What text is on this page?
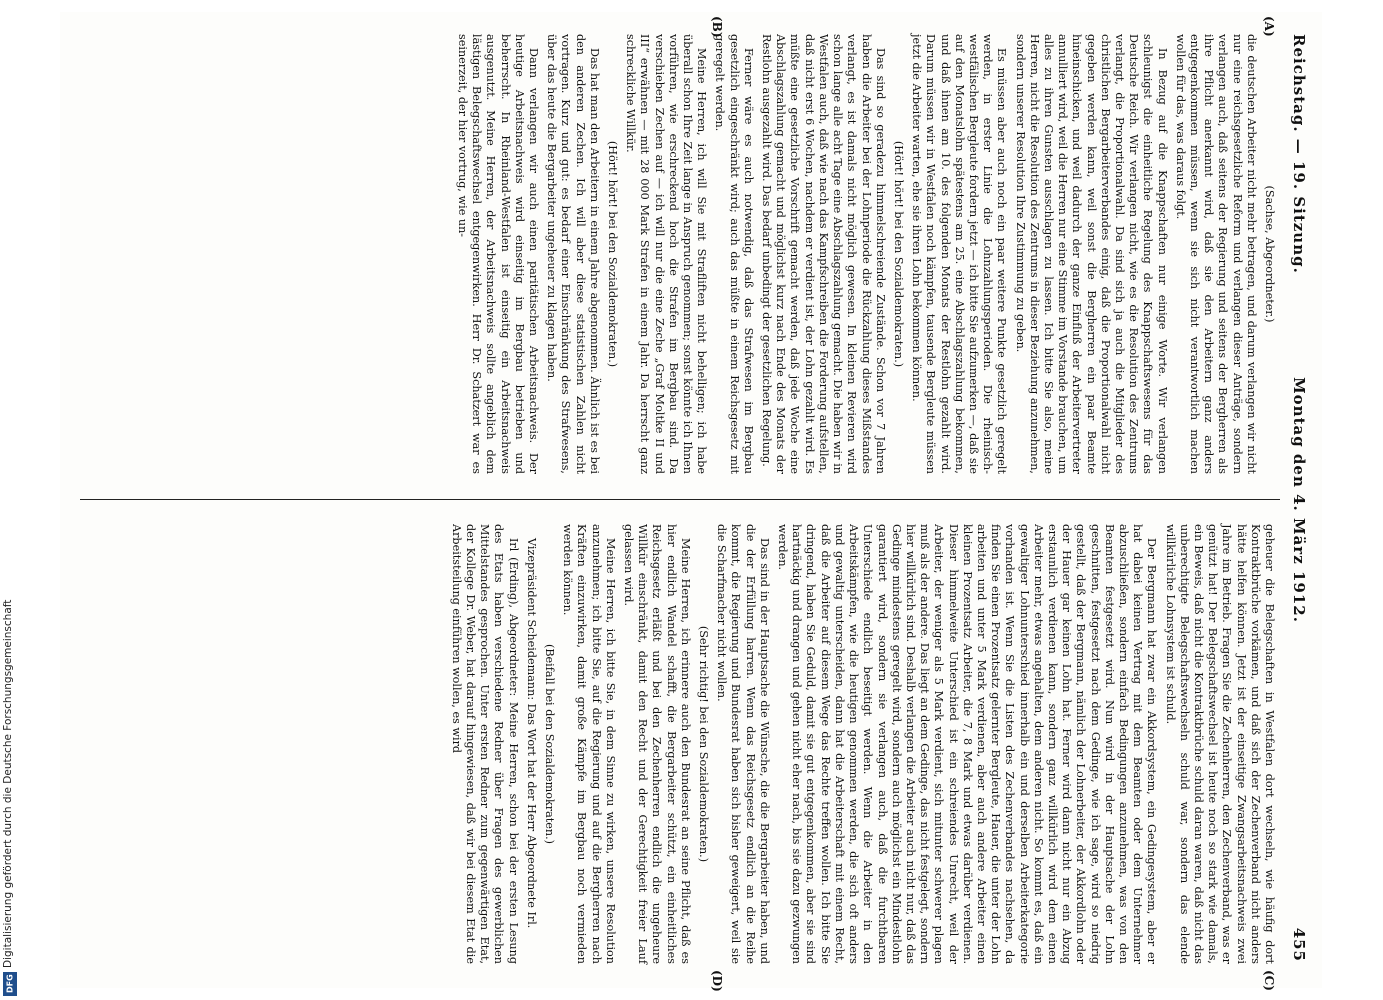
Reichstag. — 19. Sitzung.
Montag den 4. März 1912.
455
(A)
(B)
(C)
(D)

(Sachse, Abgeordneter.)

die deutschen Arbeiter nicht mehr betragen, und darum verlangen wir nicht nur eine reichsgesetzliche Reform und verlangen dieser Anträge, sondern verlangen auch, daß seitens der Regierung und seitens der Bergherren als ihre Pflicht anerkannt wird, daß sie den Arbeitern ganz anders entgegenkommen müssen, wenn sie sich nicht verantwortlich machen wollen für das, was daraus folgt.

In Bezug auf die Knappschaften nur einige Worte. Wir verlangen schleunigst die einheitliche Regelung des Knappschaftswesens für das Deutsche Reich. Wir verlangen nicht, wie es die Resolution des Zentrums verlangt, die Proportionalwahl. Da sind sich ja auch die Mitglieder des christlichen Bergarbeiterverbandes einig, daß die Proportionalwahl nicht gegeben werden kann, weil sonst die Bergherren ein paar Beamte hineinschicken, und weil dadurch der ganze Einfluß der Arbeitervertreter annulliert wird, weil die Herren nur eine Stimme im Vorstande brauchen, um alles zu ihren Gunsten ausschlagen zu lassen. Ich bitte Sie also, meine Herren, nicht die Resolution des Zentrums in dieser Beziehung anzunehmen, sondern unserer Resolution Ihre Zustimmung zu geben.

Es müssen aber auch noch ein paar weitere Punkte gesetzlich geregelt werden, in erster Linie die Lohnzahlungsperioden. Die rheinisch-westfälischen Bergleute fordern jetzt — ich bitte Sie aufzumerken —, daß sie auf den Monatslohn spätestens am 25. eine Abschlagszahlung bekommen, und daß ihnen am 10. des folgenden Monats der Restlohn gezahlt wird. Darum müssen wir in Westfalen noch kämpfen, tausende Bergleute müssen jetzt die Arbeiter warten, ehe sie ihren Lohn bekommen können.

(Hört! hört! bei den Sozialdemokraten.)

Das sind so geradezu himmelschreiende Zustände. Schon vor 7 Jahren haben die Arbeiter bei der Lohnperiode die Rückzahlung dieses Mißstandes verlangt, es ist damals nicht möglich gewesen. In kleinen Revieren wird schon lange alle acht Tage eine Abschlagszahlung gemacht. Die haben wir in Westfalen auch, daß wie nach das Kampfschreiben die Forderung aufstellen, daß nicht erst 6 Wochen, nachdem er verdient ist, der Lohn gezahlt wird. Es müßte eine gesetzliche Vorschrift gemacht werden, daß jede Woche eine Abschlagszahlung gemacht und möglichst kurz nach Ende des Monats der Restlohn ausgezahlt wird. Das bedarf unbedingt der gesetzlichen Regelung.

Ferner wäre es auch notwendig, daß das Strafwesen im Bergbau gesetzlich eingeschränkt wird; auch das müßte in einem Reichsgesetz mit geregelt werden.

Meine Herren, ich will Sie mit Strafliften nicht behelligen; ich habe überall schon Ihre Zeit lange in Anspruch genommen; sonst könnte ich Ihnen vorführen, wie erschreckend hoch die Strafen im Bergbau sind. Da verschieben Zechen auf — ich will nur die eine Zeche „Graf Moltke II und III“ erwähnen — mit 28 000 Mark Strafen in einem Jahr. Da herrscht ganz schreckliche Willkür.

(Hört! hört! bei den Sozialdemokraten.)

Das hat man den Arbeitern in einem Jahre abgenommen. Ähnlich ist es bei den anderen Zechen. Ich will aber diese statistischen Zahlen nicht vortragen. Kurz und gut: es bedarf einer Einschränkung des Strafwesens, über das heute die Bergarbeiter ungeheuer zu klagen haben.

Dann verlangen wir auch einen paritätischen Arbeitsnachweis. Der heutige Arbeitsnachweis wird einseitig im Bergbau betrieben und beherrscht. In Rheinland-Westfalen ist einseitig ein Arbeitsnachweis ausgenutzt. Meine Herren, der Arbeitsnachweis sollte angeblich dem lästigen Belegschaftswechsel entgegenwirken. Herr Dr. Schatzert war es seinerzeit, der hier vortrug, wie un-

geheuer die Belegschaften in Westfalen dort wechseln, wie häufig dort Kontraktbrüche vorkämen, und daß sich der Zechenverband nicht anders hätte helfen können. Jetzt ist der einseitige Zwangsarbeitsnachweis zwei Jahre im Betrieb. Fragen Sie die Zechenherren, den Zechenverband, was er genützt hat! Der Belegschaftswechsel ist heute noch so stark wie damals, ein Beweis, daß nicht die Kontraktbrüche schuld daran waren, daß nicht das unberechtigte Belegschaftswechseln schuld war, sondern das elende willkürliche Lohnsystem ist schuld.

Der Bergmann hat zwar ein Akkordsystem, ein Gedingesystem, aber er hat dabei keinen Vertrag mit dem Beamten oder dem Unternehmer abzuschließen, sondern einfach Bedingungen anzunehmen, was von den Beamten festgesetzt wird. Nun wird in der Hauptsache der Lohn geschnitten, festgesetzt nach dem Gedinge, wie ich sage, wird so niedrig gestellt, daß der Bergmann, nämlich der Lohnerbeiter, der Akkordlohn oder der Hauer gar keinen Lohn hat. Ferner wird dann nicht nur ein Abzug erstaunlich verdienen kann, sondern ganz willkürlich wird dem einen Arbeiter mehr, etwas angehalten, dem anderen nicht. So kommt es, daß ein gewaltiger Lohnunterschied innerhalb ein und derselben Arbeiterkategorie vorhanden ist. Wenn Sie die Listen des Zechenverbandes nachsehen, da finden Sie einen Prozentsatz gelernter Bergleute, Hauer, die unter der Lohn arbeiten und unter 5 Mark verdienen, aber auch andere Arbeiter einen kleinen Prozentsatz Arbeiter, die 7, 8 Mark und etwas darüber verdienen. Dieser himmelweite Unterschied ist ein schreiendes Unrecht, weil der Arbeiter, der weniger als 5 Mark verdient, sich mitunter schwerer plagen muß als der andere. Das liegt an dem Gedinge, das nicht festgelegt, sondern hier willkürlich sind. Deshalb verlangen die Arbeiter auch nicht nur, daß das Gedinge mindestens geregelt wird, sondern auch möglichst ein Mindestlohn garantiert wird, sondern sie verlangen auch, daß die furchtbaren Unterschiede endlich beseitigt werden. Wenn die Arbeiter in den Arbeitskämpfen, wie die heutigen genommen werden, die sich oft anders und gewaltig unterscheiden, dann hat die Arbeiterschaft mit einem Recht, daß die Arbeiter auf diesem Wege das Rechte treffen wollen. Ich bitte Sie dringend, haben Sie Geduld, damit sie gut entgegenkommen, aber sie sind hartnäckig und drangen und gehen nicht eher nach, bis sie dazu gezwungen werden.

Das sind in der Hauptsache die Wünsche, die die Bergarbeiter haben, und die der Erfüllung harren. Wenn das Reichsgesetz endlich an die Reihe kommt, die Regierung und Bundesrat haben sich bisher geweigert, weil sie die Scharfmacher nicht wollen.

(Sehr richtig! bei den Sozialdemokraten.)

Meine Herren, ich erinnere auch den Bundesrat an seine Pflicht, daß es hier endlich Wandel schafft, die Bergarbeiter schützt, ein einheitliches Reichsgesetz erläßt und bei den Zechenherren endlich die ungeheure Willkür einschränkt, damit den Recht und der Gerechtigkeit freier Lauf gelassen wird.

Meine Herren, ich bitte Sie, in dem Sinne zu wirken, unsere Resolution anzunehmen; ich bitte Sie, auf die Regierung und auf die Bergherren nach Kräften einzuwirken, damit große Kämpfe im Bergbau noch vermieden werden können.

(Beifall bei den Sozialdemokraten.)

Vizepräsident Scheidemann: Das Wort hat der Herr Abgeordnete Irl.

Irl (Erding), Abgeordneter: Meine Herren, schon bei der ersten Lesung des Etats haben verschiedene Redner über Fragen des gewerblichen Mittelstandes gesprochen. Unter ersten Redner zum gegenwärtigen Etat, der Kollege Dr. Weber, hat darauf hingewiesen, daß wir bei diesem Etat die Arbeitsteilung einführen wollen, es wird

Digitalisierung gefördert durch die Deutsche Forschungsgemeinschaft
DFG
